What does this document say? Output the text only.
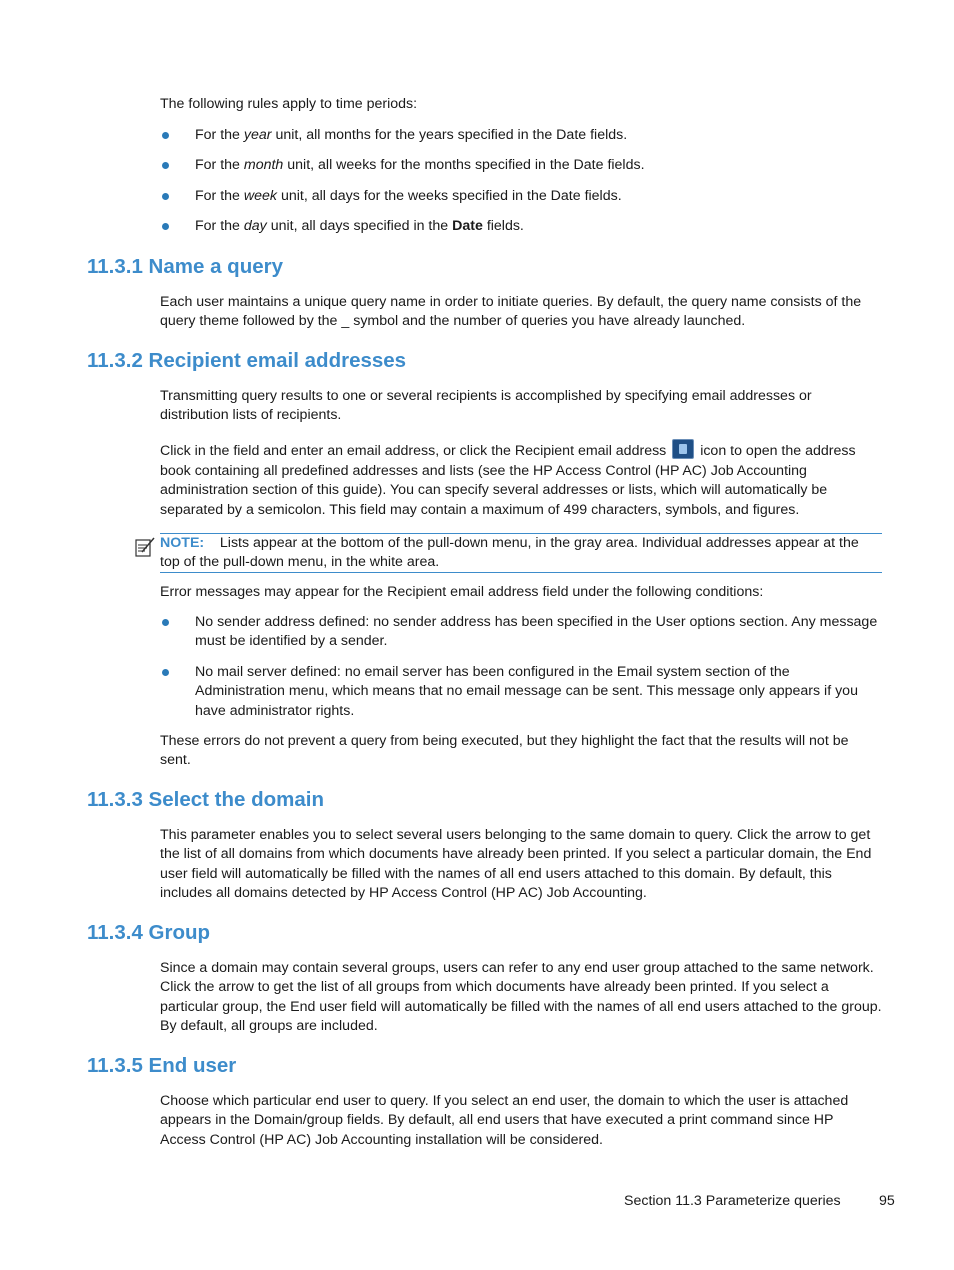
The following rules apply to time periods:

For the year unit, all months for the years specified in the Date fields.
For the month unit, all weeks for the months specified in the Date fields.
For the week unit, all days for the weeks specified in the Date fields.
For the day unit, all days specified in the Date fields.
11.3.1 Name a query

Each user maintains a unique query name in order to initiate queries. By default, the query name consists of the query theme followed by the _ symbol and the number of queries you have already launched.

11.3.2 Recipient email addresses

Transmitting query results to one or several recipients is accomplished by specifying email addresses or distribution lists of recipients.

Click in the field and enter an email address, or click the Recipient email address icon to open the address book containing all predefined addresses and lists (see the HP Access Control (HP AC) Job Accounting administration section of this guide). You can specify several addresses or lists, which will automatically be separated by a semicolon. This field may contain a maximum of 499 characters, symbols, and figures.

NOTE: Lists appear at the bottom of the pull-down menu, in the gray area. Individual addresses appear at the top of the pull-down menu, in the white area.

Error messages may appear for the Recipient email address field under the following conditions:

No sender address defined: no sender address has been specified in the User options section. Any message must be identified by a sender.
No mail server defined: no email server has been configured in the Email system section of the Administration menu, which means that no email message can be sent. This message only appears if you have administrator rights.

These errors do not prevent a query from being executed, but they highlight the fact that the results will not be sent.

11.3.3 Select the domain

This parameter enables you to select several users belonging to the same domain to query. Click the arrow to get the list of all domains from which documents have already been printed. If you select a particular domain, the End user field will automatically be filled with the names of all end users attached to this domain. By default, this includes all domains detected by HP Access Control (HP AC) Job Accounting.

11.3.4 Group

Since a domain may contain several groups, users can refer to any end user group attached to the same network. Click the arrow to get the list of all groups from which documents have already been printed. If you select a particular group, the End user field will automatically be filled with the names of all end users attached to the group. By default, all groups are included.

11.3.5 End user

Choose which particular end user to query. If you select an end user, the domain to which the user is attached appears in the Domain/group fields. By default, all end users that have executed a print command since HP Access Control (HP AC) Job Accounting installation will be considered.

Section 11.3 Parameterize queries	95
